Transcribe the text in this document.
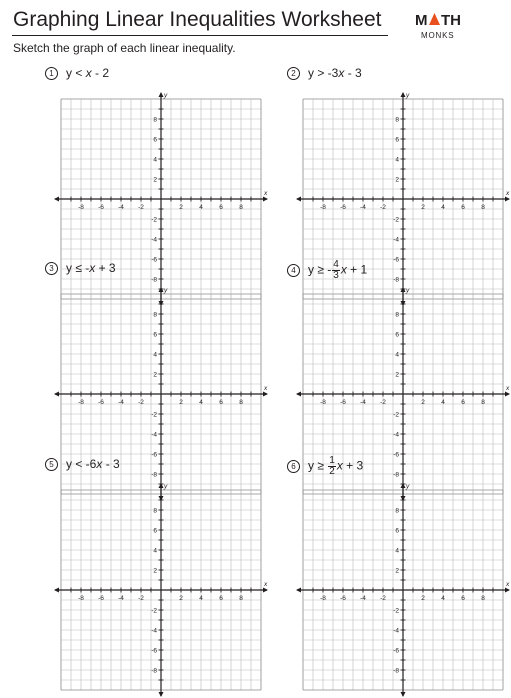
Graphing Linear Inequalities Worksheet
Sketch the graph of each linear inequality.
M TH
MONKS
1 y < x - 2
-8 -6 -4 -2	2	4	6	8
8
6
4
2
-2
-4
-6
-8
x
y
2 y > -3x - 3
-8 -6 -4 -2	2	4	6	8
8
6
4
2
-2
-4
-6
-8
x
y
3 y ≤ -x + 3
-8 -6 -4 -2	2	4	6	8
8
6
4
2
-2
-4
-6
-8
x
y
4 y ≥ - $\frac{4}{3}$ x + 1
-8 -6 -4 -2	2	4	6	8
8
6
4
2
-2
-4
-6
-8
x
y
5 y < -6x - 3
-8 -6 -4 -2	2	4	6	8
8
6
4
2
-2
-4
-6
-8
x
y
6 $y \ge \frac{1}{2}$ x + 3
-8 -6 -4 -2	2	4	6	8
8
6
4
2
-2
-4
-6
-8
x
y
